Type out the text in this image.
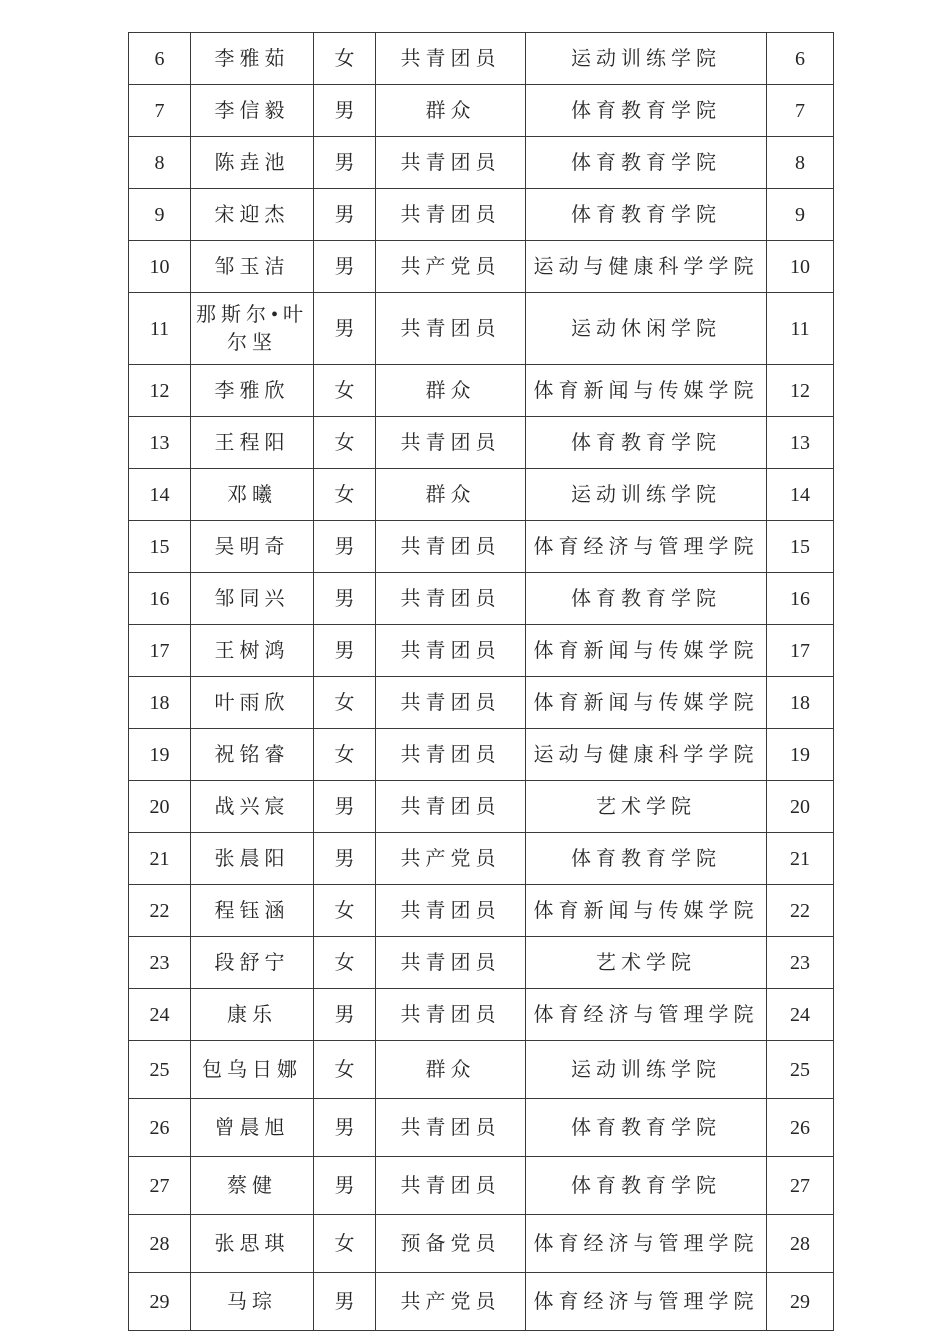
6	李雅茹	女	共青团员	运动训练学院	6
7	李信毅	男	群众	体育教育学院	7
8	陈垚池	男	共青团员	体育教育学院	8
9	宋迎杰	男	共青团员	体育教育学院	9
10	邹玉洁	男	共产党员	运动与健康科学学院	10
11	那斯尔•叶尔坚	男	共青团员	运动休闲学院	11
12	李雅欣	女	群众	体育新闻与传媒学院	12
13	王程阳	女	共青团员	体育教育学院	13
14	邓曦	女	群众	运动训练学院	14
15	吴明奇	男	共青团员	体育经济与管理学院	15
16	邹同兴	男	共青团员	体育教育学院	16
17	王树鸿	男	共青团员	体育新闻与传媒学院	17
18	叶雨欣	女	共青团员	体育新闻与传媒学院	18
19	祝铭睿	女	共青团员	运动与健康科学学院	19
20	战兴宸	男	共青团员	艺术学院	20
21	张晨阳	男	共产党员	体育教育学院	21
22	程钰涵	女	共青团员	体育新闻与传媒学院	22
23	段舒宁	女	共青团员	艺术学院	23
24	康乐	男	共青团员	体育经济与管理学院	24
25	包乌日娜	女	群众	运动训练学院	25
26	曾晨旭	男	共青团员	体育教育学院	26
27	蔡健	男	共青团员	体育教育学院	27
28	张思琪	女	预备党员	体育经济与管理学院	28
29	马琮	男	共产党员	体育经济与管理学院	29
